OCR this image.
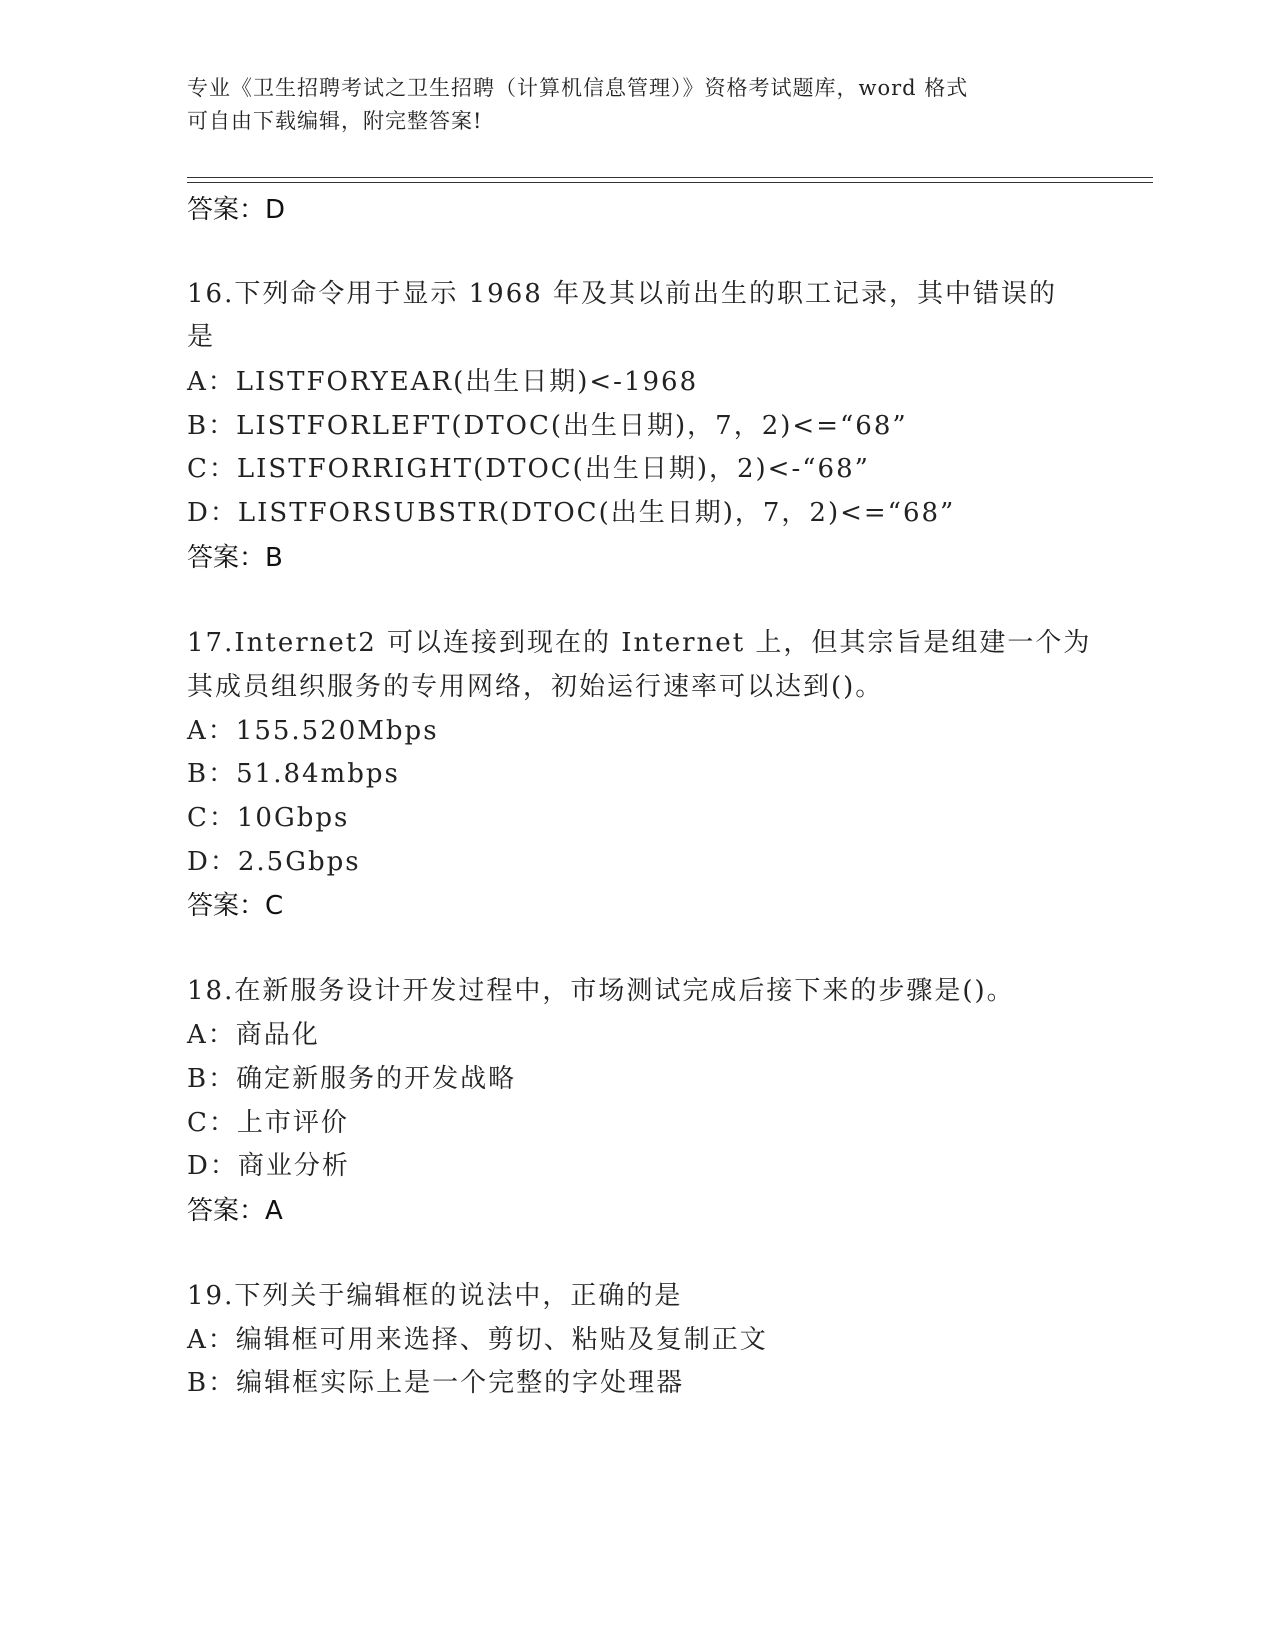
专业《卫生招聘考试之卫生招聘（计算机信息管理）》资格考试题库，word 格式
可自由下载编辑，附完整答案!
答案：D
16.下列命令用于显示 1968 年及其以前出生的职工记录，其中错误的
是
A：LISTFORYEAR(出生日期)<-1968
B：LISTFORLEFT(DTOC(出生日期)，7，2)<=“68”
C：LISTFORRIGHT(DTOC(出生日期)，2)<-“68”
D：LISTFORSUBSTR(DTOC(出生日期)，7，2)<=“68”
答案：B
17.Internet2 可以连接到现在的 Internet 上，但其宗旨是组建一个为
其成员组织服务的专用网络，初始运行速率可以达到()。
A：155.520Mbps
B：51.84mbps
C：10Gbps
D：2.5Gbps
答案：C
18.在新服务设计开发过程中，市场测试完成后接下来的步骤是()。
A：商品化
B：确定新服务的开发战略
C：上市评价
D：商业分析
答案：A
19.下列关于编辑框的说法中，正确的是
A：编辑框可用来选择、剪切、粘贴及复制正文
B：编辑框实际上是一个完整的字处理器
